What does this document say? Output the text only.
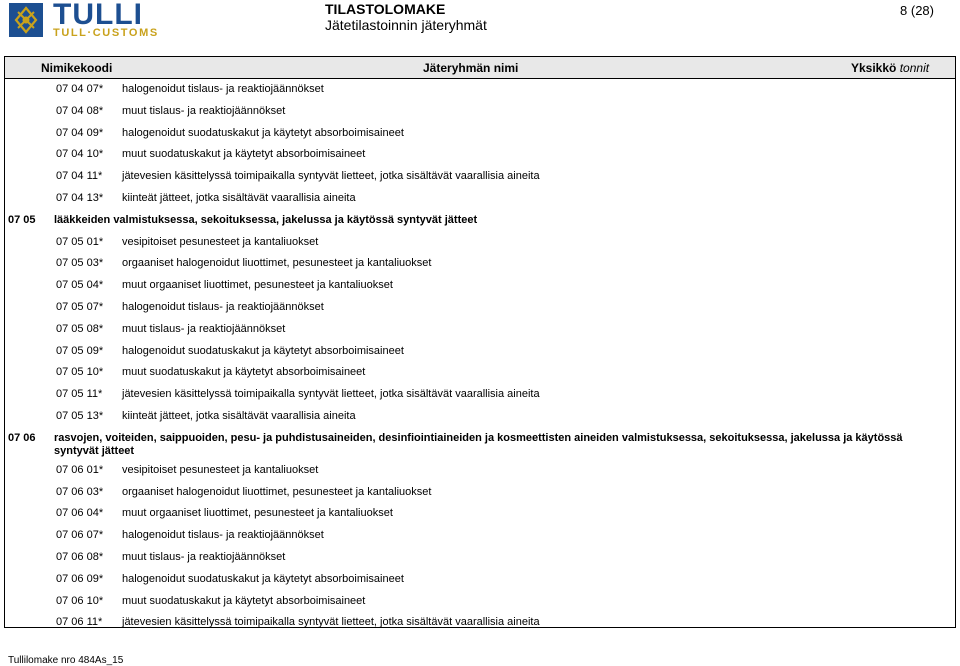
TULLI
TULL·CUSTOMS
TILASTOLOMAKE
Jätetilastoinnin jäteryhmät
8 (28)
Nimikekoodi	Jäteryhmän nimi	Yksikkö tonnit
07 04 07* halogenoidut tislaus- ja reaktiojäännökset
07 04 08* muut tislaus- ja reaktiojäännökset
07 04 09* halogenoidut suodatuskakut ja käytetyt absorboimisaineet
07 04 10* muut suodatuskakut ja käytetyt absorboimisaineet
07 04 11* jätevesien käsittelyssä toimipaikalla syntyvät lietteet, jotka sisältävät vaarallisia aineita
07 04 13* kiinteät jätteet, jotka sisältävät vaarallisia aineita
07 05 lääkkeiden valmistuksessa, sekoituksessa, jakelussa ja käytössä syntyvät jätteet
07 05 01* vesipitoiset pesunesteet ja kantaliuokset
07 05 03* orgaaniset halogenoidut liuottimet, pesunesteet ja kantaliuokset
07 05 04* muut orgaaniset liuottimet, pesunesteet ja kantaliuokset
07 05 07* halogenoidut tislaus- ja reaktiojäännökset
07 05 08* muut tislaus- ja reaktiojäännökset
07 05 09* halogenoidut suodatuskakut ja käytetyt absorboimisaineet
07 05 10* muut suodatuskakut ja käytetyt absorboimisaineet
07 05 11* jätevesien käsittelyssä toimipaikalla syntyvät lietteet, jotka sisältävät vaarallisia aineita
07 05 13* kiinteät jätteet, jotka sisältävät vaarallisia aineita
07 06 rasvojen, voiteiden, saippuoiden, pesu- ja puhdistusaineiden, desinfiointiaineiden ja kosmeettisten aineiden valmistuksessa, sekoituksessa, jakelussa ja käytössä syntyvät jätteet
07 06 01* vesipitoiset pesunesteet ja kantaliuokset
07 06 03* orgaaniset halogenoidut liuottimet, pesunesteet ja kantaliuokset
07 06 04* muut orgaaniset liuottimet, pesunesteet ja kantaliuokset
07 06 07* halogenoidut tislaus- ja reaktiojäännökset
07 06 08* muut tislaus- ja reaktiojäännökset
07 06 09* halogenoidut suodatuskakut ja käytetyt absorboimisaineet
07 06 10* muut suodatuskakut ja käytetyt absorboimisaineet
07 06 11* jätevesien käsittelyssä toimipaikalla syntyvät lietteet, jotka sisältävät vaarallisia aineita
Tullilomake nro 484As_15
